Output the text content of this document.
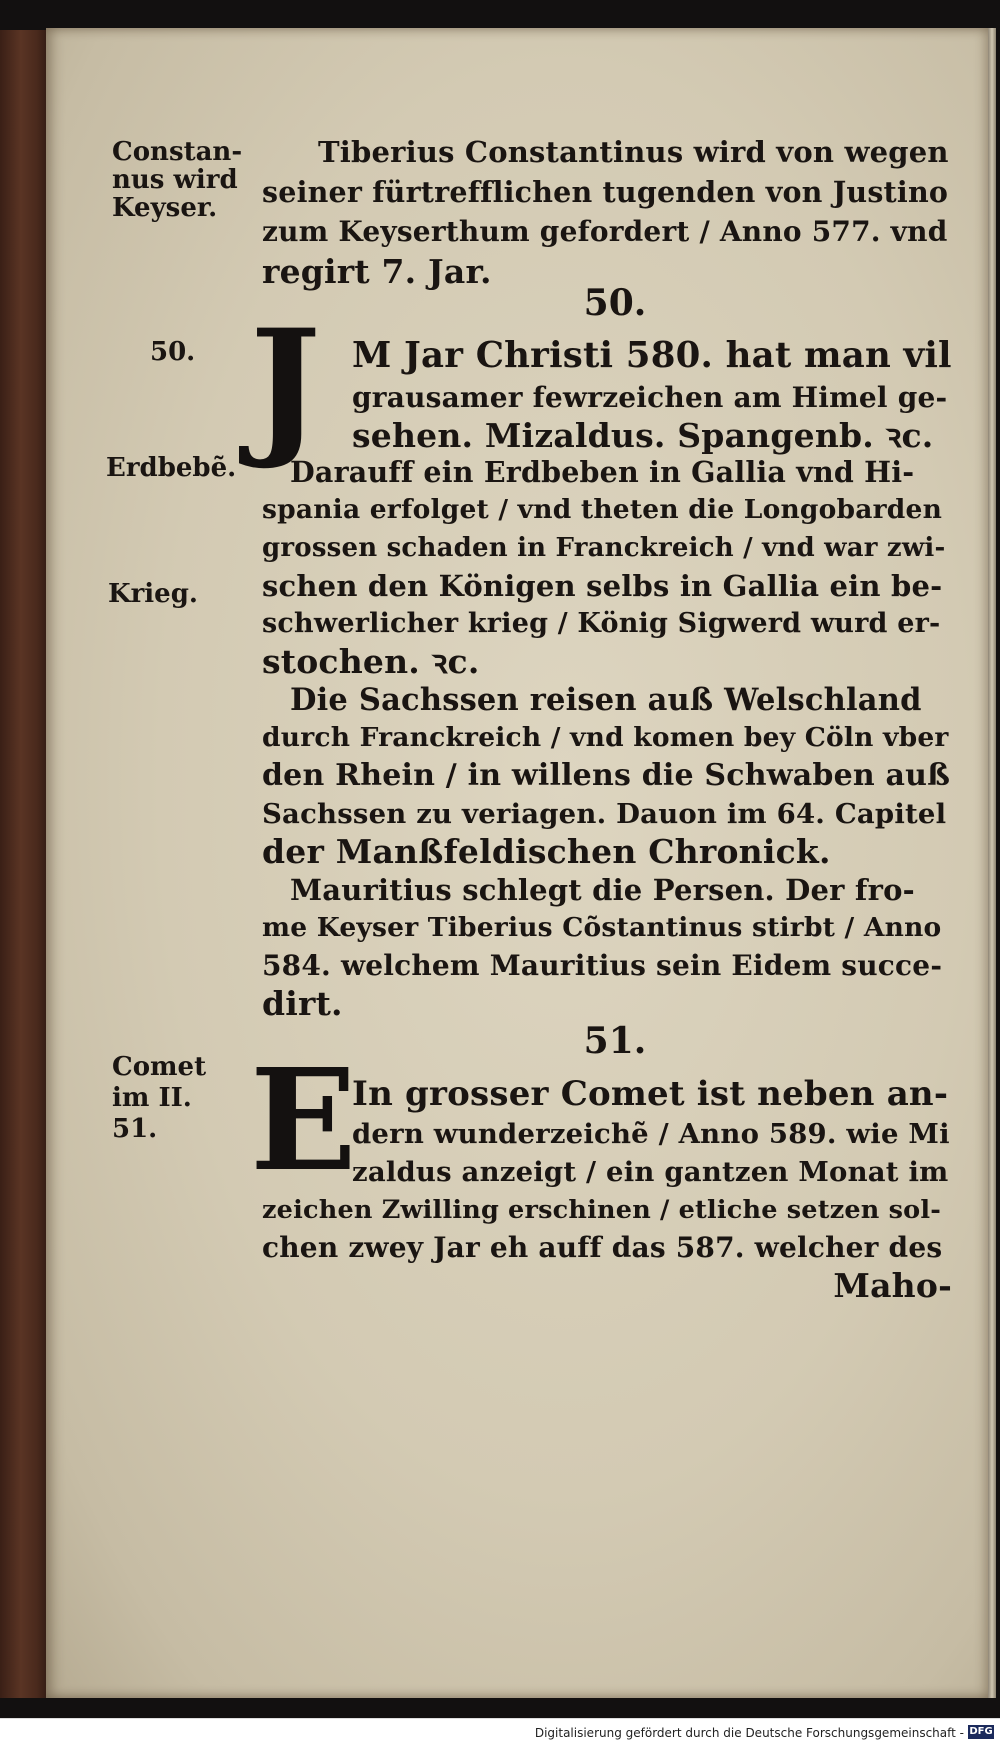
Constan-
nus wird
Keyser.
50.
Erdbebẽ.
Krieg.
Comet
im II.
51.
Tiberius Constantinus wird von wegen
seiner fürtrefflichen tugenden von Justino
zum Keyserthum gefordert / Anno 577. vnd
regirt 7. Jar.
50.
J M Jar Christi 580. hat man vil
grausamer fewrzeichen am Himel ge-
sehen. Mizaldus. Spangenb. ꝛc.
Darauff ein Erdbeben in Gallia vnd Hi-
spania erfolget / vnd theten die Longobarden
grossen schaden in Franckreich / vnd war zwi-
schen den Königen selbs in Gallia ein be-
schwerlicher krieg / König Sigwerd wurd er-
stochen. ꝛc.
Die Sachssen reisen auß Welschland
durch Franckreich / vnd komen bey Cöln vber
den Rhein / in willens die Schwaben auß
Sachssen zu veriagen. Dauon im 64. Capitel
der Manßfeldischen Chronick.
Mauritius schlegt die Persen. Der fro-
me Keyser Tiberius Cõstantinus stirbt / Anno
584. welchem Mauritius sein Eidem succe-
dirt.
51.
E
In grosser Comet ist neben an-
dern wunderzeichẽ / Anno 589. wie Mi
zaldus anzeigt / ein gantzen Monat im
zeichen Zwilling erschinen / etliche setzen sol-
chen zwey Jar eh auff das 587. welcher des
Maho-
Digitalisierung gefördert durch die Deutsche Forschungsgemeinschaft - DFG
